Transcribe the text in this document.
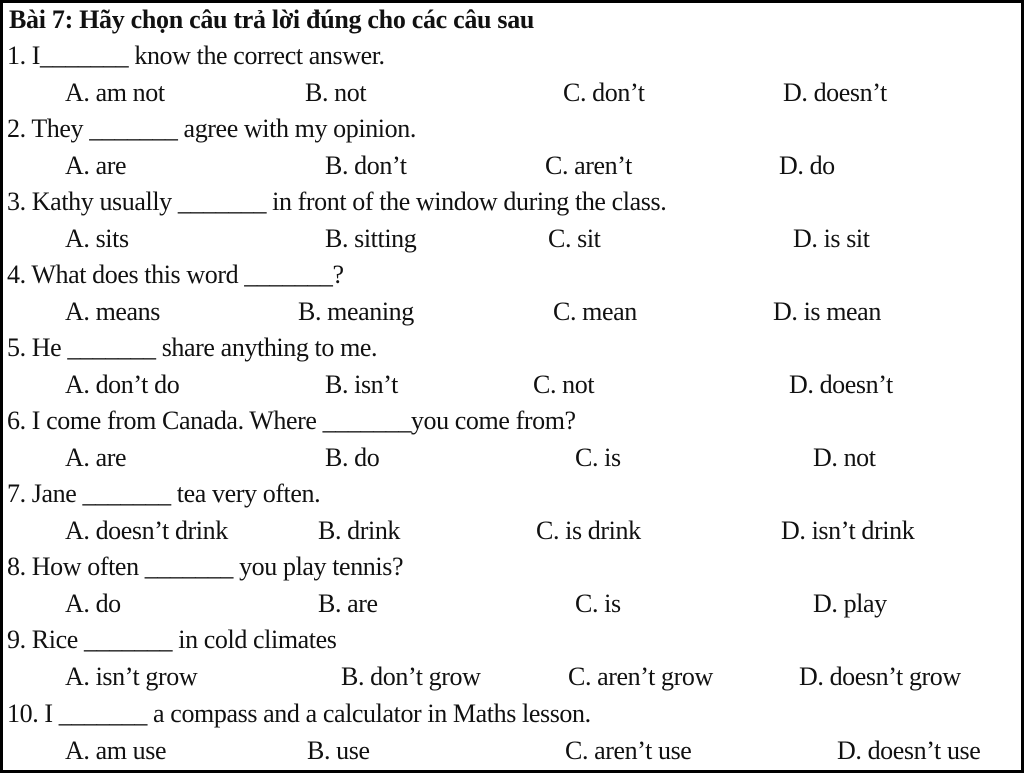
Bài 7: Hãy chọn câu trả lời đúng cho các câu sau
1. I_______ know the correct answer.
A. am not	B. not	C. don’t	D. doesn’t
2. They _______ agree with my opinion.
A. are	B. don’t	C. aren’t	D. do
3. Kathy usually _______ in front of the window during the class.
A. sits	B. sitting	C. sit	D. is sit
4. What does this word _______?
A. means	B. meaning	C. mean	D. is mean
5. He _______ share anything to me.
A. don’t do	B. isn’t	C. not	D. doesn’t
6. I come from Canada. Where _______you come from?
A. are	B. do	C. is	D. not
7. Jane _______ tea very often.
A. doesn’t drink	B. drink	C. is drink	D. isn’t drink
8. How often _______ you play tennis?
A. do	B. are	C. is	D. play
9. Rice _______ in cold climates
A. isn’t grow	B. don’t grow	C. aren’t grow	D. doesn’t grow
10. I _______ a compass and a calculator in Maths lesson.
A. am use	B. use	C. aren’t use	D. doesn’t use
